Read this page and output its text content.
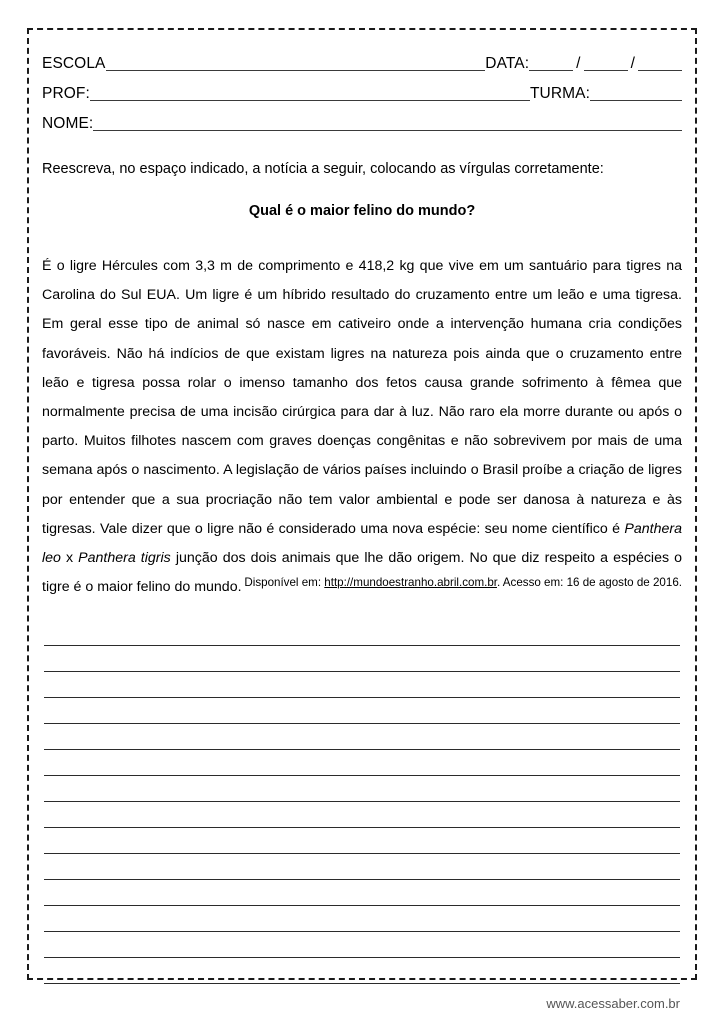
ESCOLA	DATA:	/	/
PROF:	TURMA:
NOME:
Reescreva, no espaço indicado, a notícia a seguir, colocando as vírgulas corretamente:
Qual é o maior felino do mundo?
É o ligre Hércules com 3,3 m de comprimento e 418,2 kg que vive em um santuário para tigres na Carolina do Sul EUA. Um ligre é um híbrido resultado do cruzamento entre um leão e uma tigresa. Em geral esse tipo de animal só nasce em cativeiro onde a intervenção humana cria condições favoráveis. Não há indícios de que existam ligres na natureza pois ainda que o cruzamento entre leão e tigresa possa rolar o imenso tamanho dos fetos causa grande sofrimento à fêmea que normalmente precisa de uma incisão cirúrgica para dar à luz. Não raro ela morre durante ou após o parto. Muitos filhotes nascem com graves doenças congênitas e não sobrevivem por mais de uma semana após o nascimento. A legislação de vários países incluindo o Brasil proíbe a criação de ligres por entender que a sua procriação não tem valor ambiental e pode ser danosa à natureza e às tigresas. Vale dizer que o ligre não é considerado uma nova espécie: seu nome científico é Panthera leo x Panthera tigris junção dos dois animais que lhe dão origem. No que diz respeito a espécies o tigre é o maior felino do mundo. Disponível em: http://mundoestranho.abril.com.br. Acesso em: 16 de agosto de 2016.
www.acessaber.com.br
